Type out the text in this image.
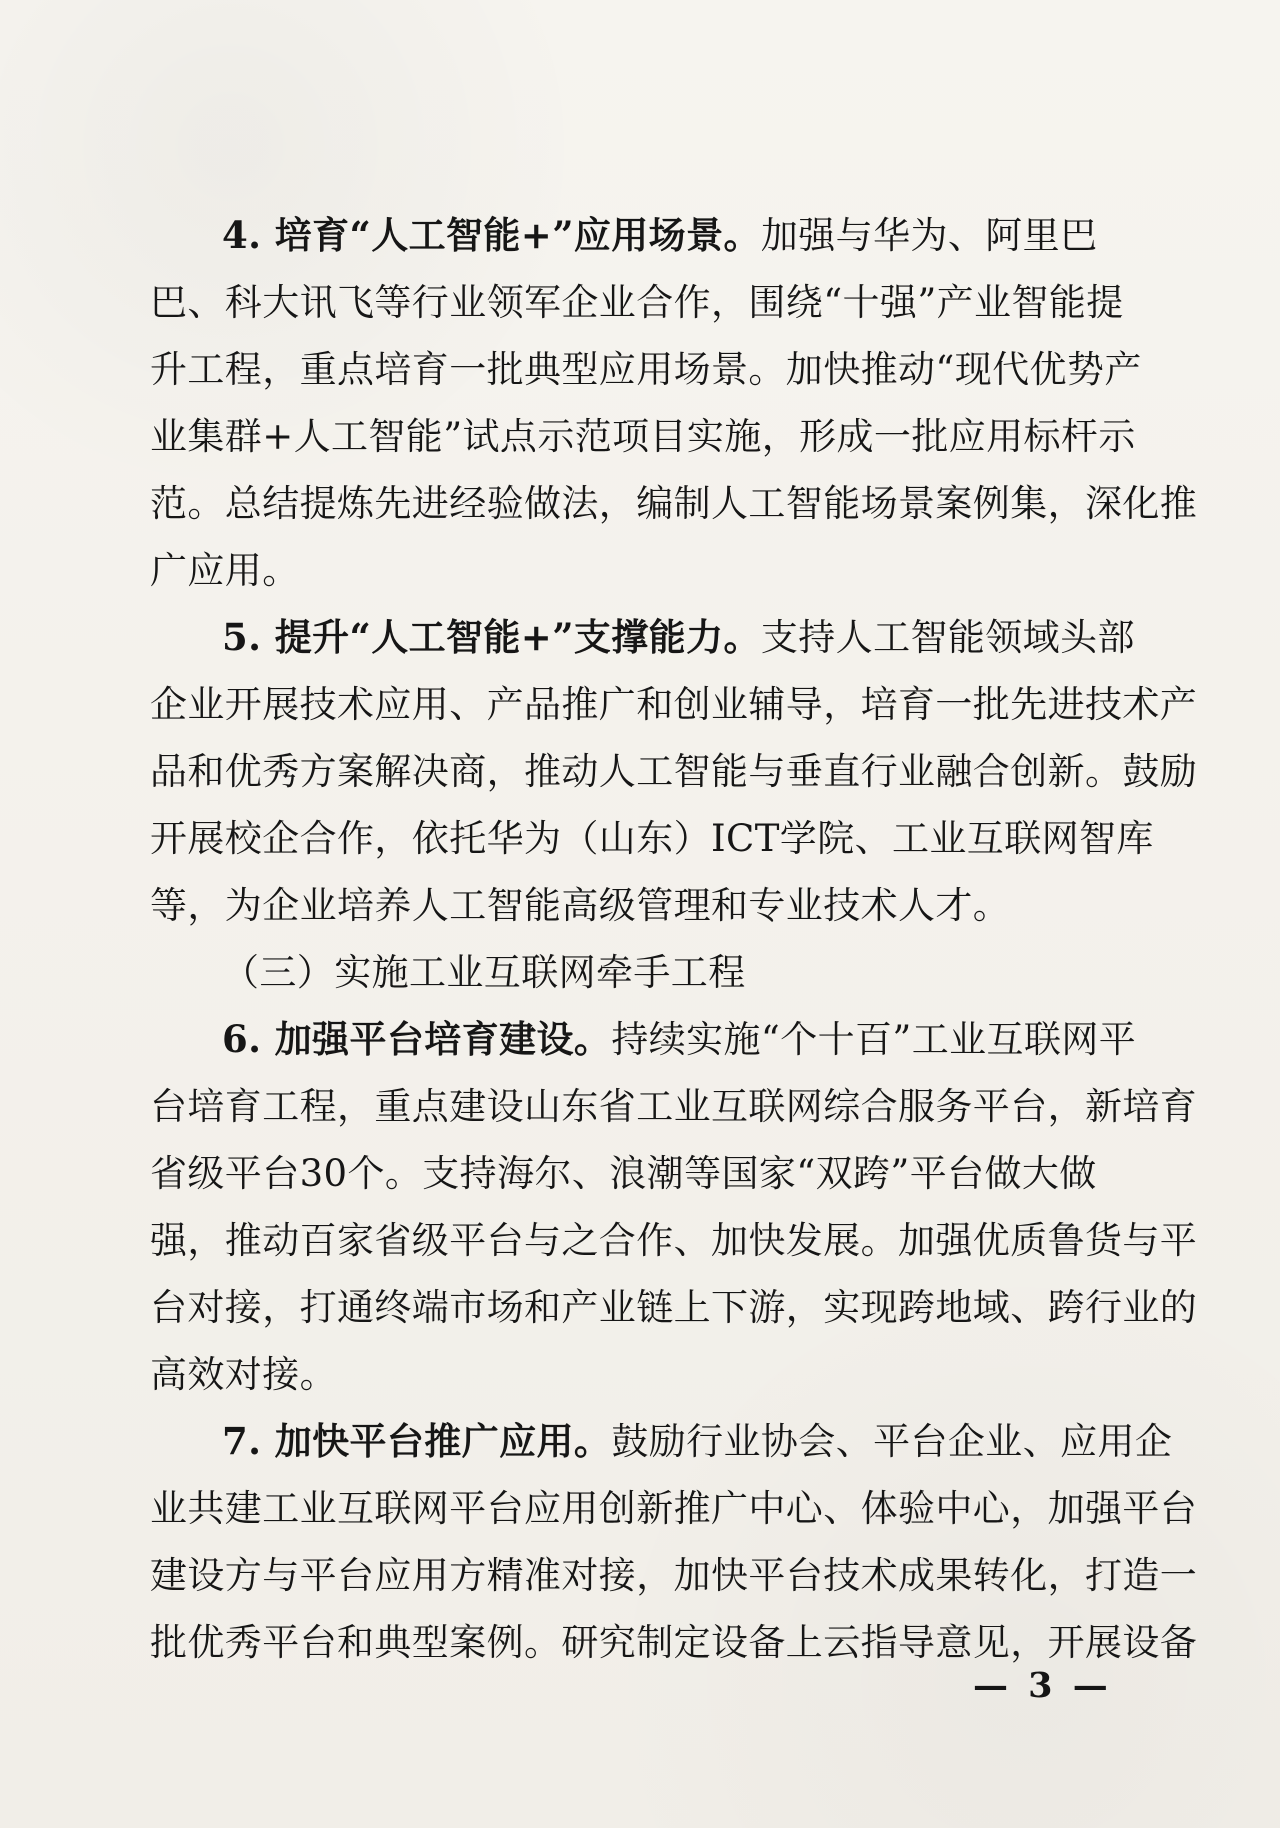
4. 培育“人工智能+”应用场景。加强与华为、阿里巴
巴、科大讯飞等行业领军企业合作，围绕“十强”产业智能提
升工程，重点培育一批典型应用场景。加快推动“现代优势产
业集群+人工智能”试点示范项目实施，形成一批应用标杆示
范。总结提炼先进经验做法，编制人工智能场景案例集，深化推
广应用。
5. 提升“人工智能+”支撑能力。支持人工智能领域头部
企业开展技术应用、产品推广和创业辅导，培育一批先进技术产
品和优秀方案解决商，推动人工智能与垂直行业融合创新。鼓励
开展校企合作，依托华为（山东）ICT学院、工业互联网智库
等，为企业培养人工智能高级管理和专业技术人才。
（三）实施工业互联网牵手工程
6. 加强平台培育建设。持续实施“个十百”工业互联网平
台培育工程，重点建设山东省工业互联网综合服务平台，新培育
省级平台30个。支持海尔、浪潮等国家“双跨”平台做大做
强，推动百家省级平台与之合作、加快发展。加强优质鲁货与平
台对接，打通终端市场和产业链上下游，实现跨地域、跨行业的
高效对接。
7. 加快平台推广应用。鼓励行业协会、平台企业、应用企
业共建工业互联网平台应用创新推广中心、体验中心，加强平台
建设方与平台应用方精准对接，加快平台技术成果转化，打造一
批优秀平台和典型案例。研究制定设备上云指导意见，开展设备
— 3 —
